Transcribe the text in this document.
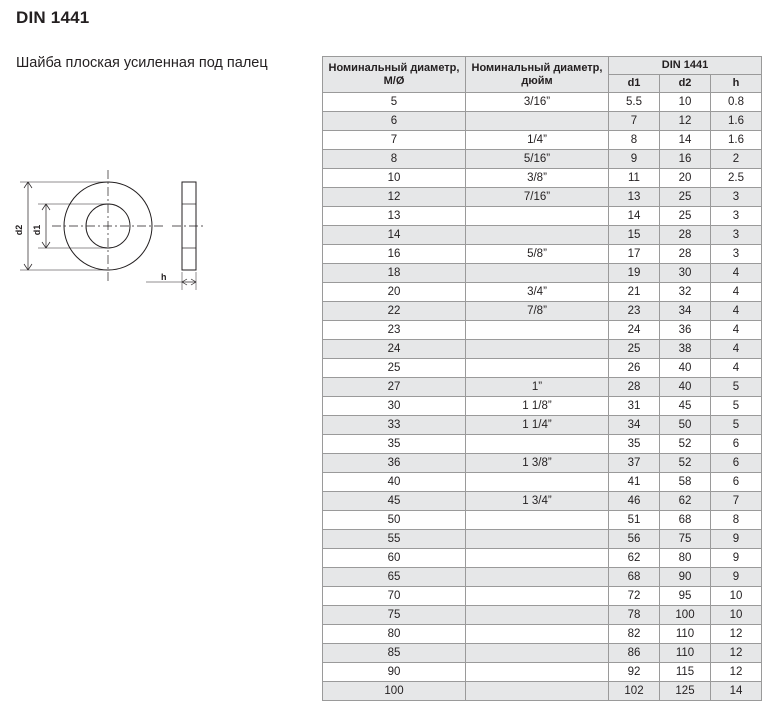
DIN 1441
Шайба плоская усиленная под палец
d2 d1
h
Номинальный диаметр, М/Ø	Номинальный диаметр, дюйм	DIN 1441		
		d1	d2	h
5	3/16”	5.5	10	0.8
6		7	12	1.6
7	1/4”	8	14	1.6
8	5/16”	9	16	2
10	3/8”	11	20	2.5
12	7/16”	13	25	3
13		14	25	3
14		15	28	3
16	5/8”	17	28	3
18		19	30	4
20	3/4”	21	32	4
22	7/8”	23	34	4
23		24	36	4
24		25	38	4
25		26	40	4
27	1”	28	40	5
30	1 1/8”	31	45	5
33	1 1/4”	34	50	5
35		35	52	6
36	1 3/8”	37	52	6
40		41	58	6
45	1 3/4”	46	62	7
50		51	68	8
55		56	75	9
60		62	80	9
65		68	90	9
70		72	95	10
75		78	100	10
80		82	110	12
85		86	110	12
90		92	115	12
100		102	125	14
